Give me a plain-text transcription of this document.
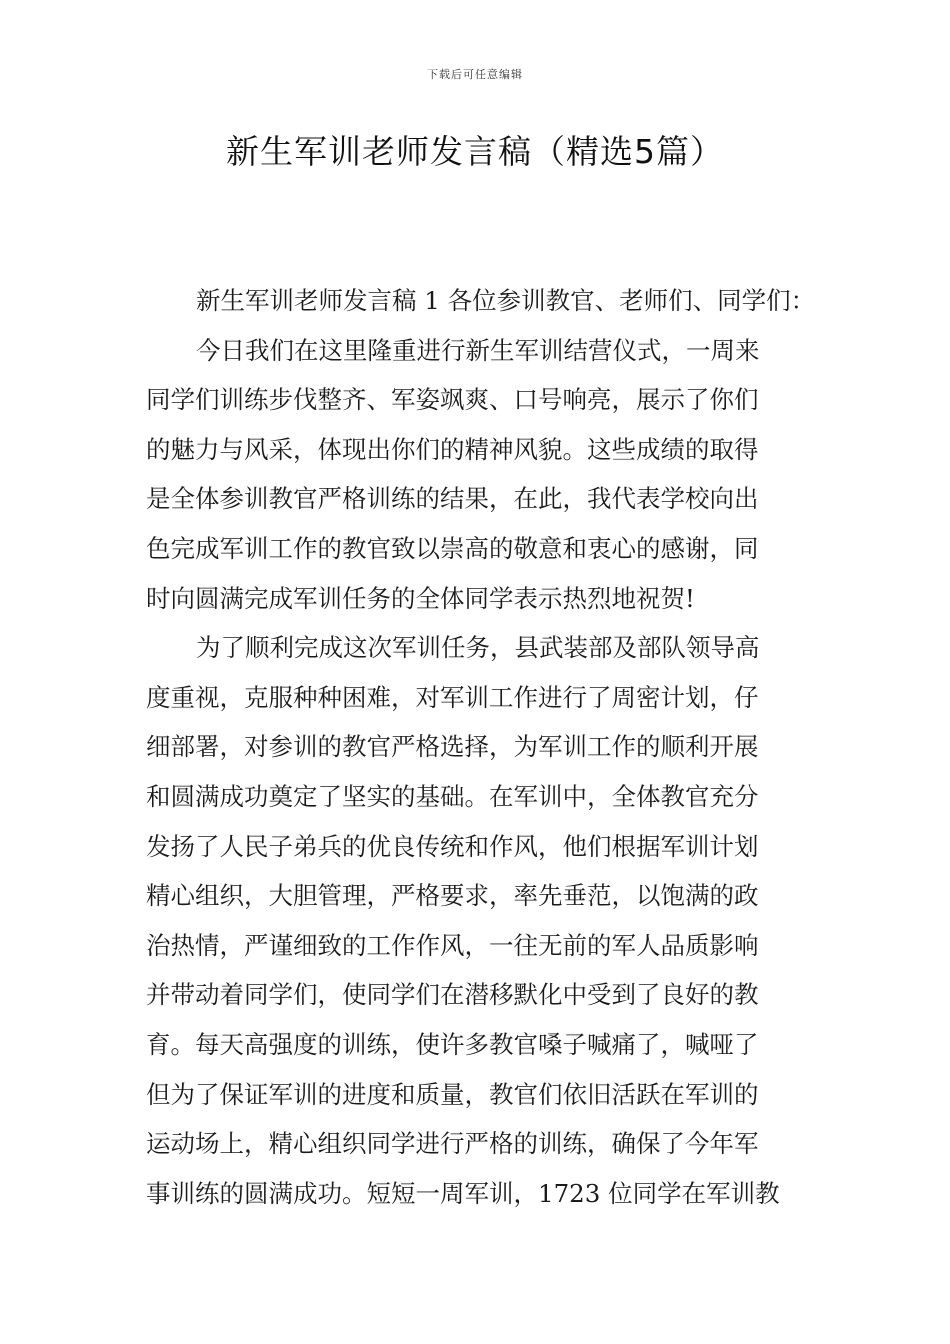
下载后可任意编辑
新生军训老师发言稿（精选5篇）
新生军训老师发言稿 1 各位参训教官、老师们、同学们：
今日我们在这里隆重进行新生军训结营仪式，一周来
同学们训练步伐整齐、军姿飒爽、口号响亮，展示了你们
的魅力与风采，体现出你们的精神风貌。这些成绩的取得
是全体参训教官严格训练的结果，在此，我代表学校向出
色完成军训工作的教官致以崇高的敬意和衷心的感谢，同
时向圆满完成军训任务的全体同学表示热烈地祝贺!
为了顺利完成这次军训任务，县武装部及部队领导高
度重视，克服种种困难，对军训工作进行了周密计划，仔
细部署，对参训的教官严格选择，为军训工作的顺利开展
和圆满成功奠定了坚实的基础。在军训中，全体教官充分
发扬了人民子弟兵的优良传统和作风，他们根据军训计划
精心组织，大胆管理，严格要求，率先垂范，以饱满的政
治热情，严谨细致的工作作风，一往无前的军人品质影响
并带动着同学们，使同学们在潜移默化中受到了良好的教
育。每天高强度的训练，使许多教官嗓子喊痛了，喊哑了
但为了保证军训的进度和质量，教官们依旧活跃在军训的
运动场上，精心组织同学进行严格的训练，确保了今年军
事训练的圆满成功。短短一周军训，1723 位同学在军训教
